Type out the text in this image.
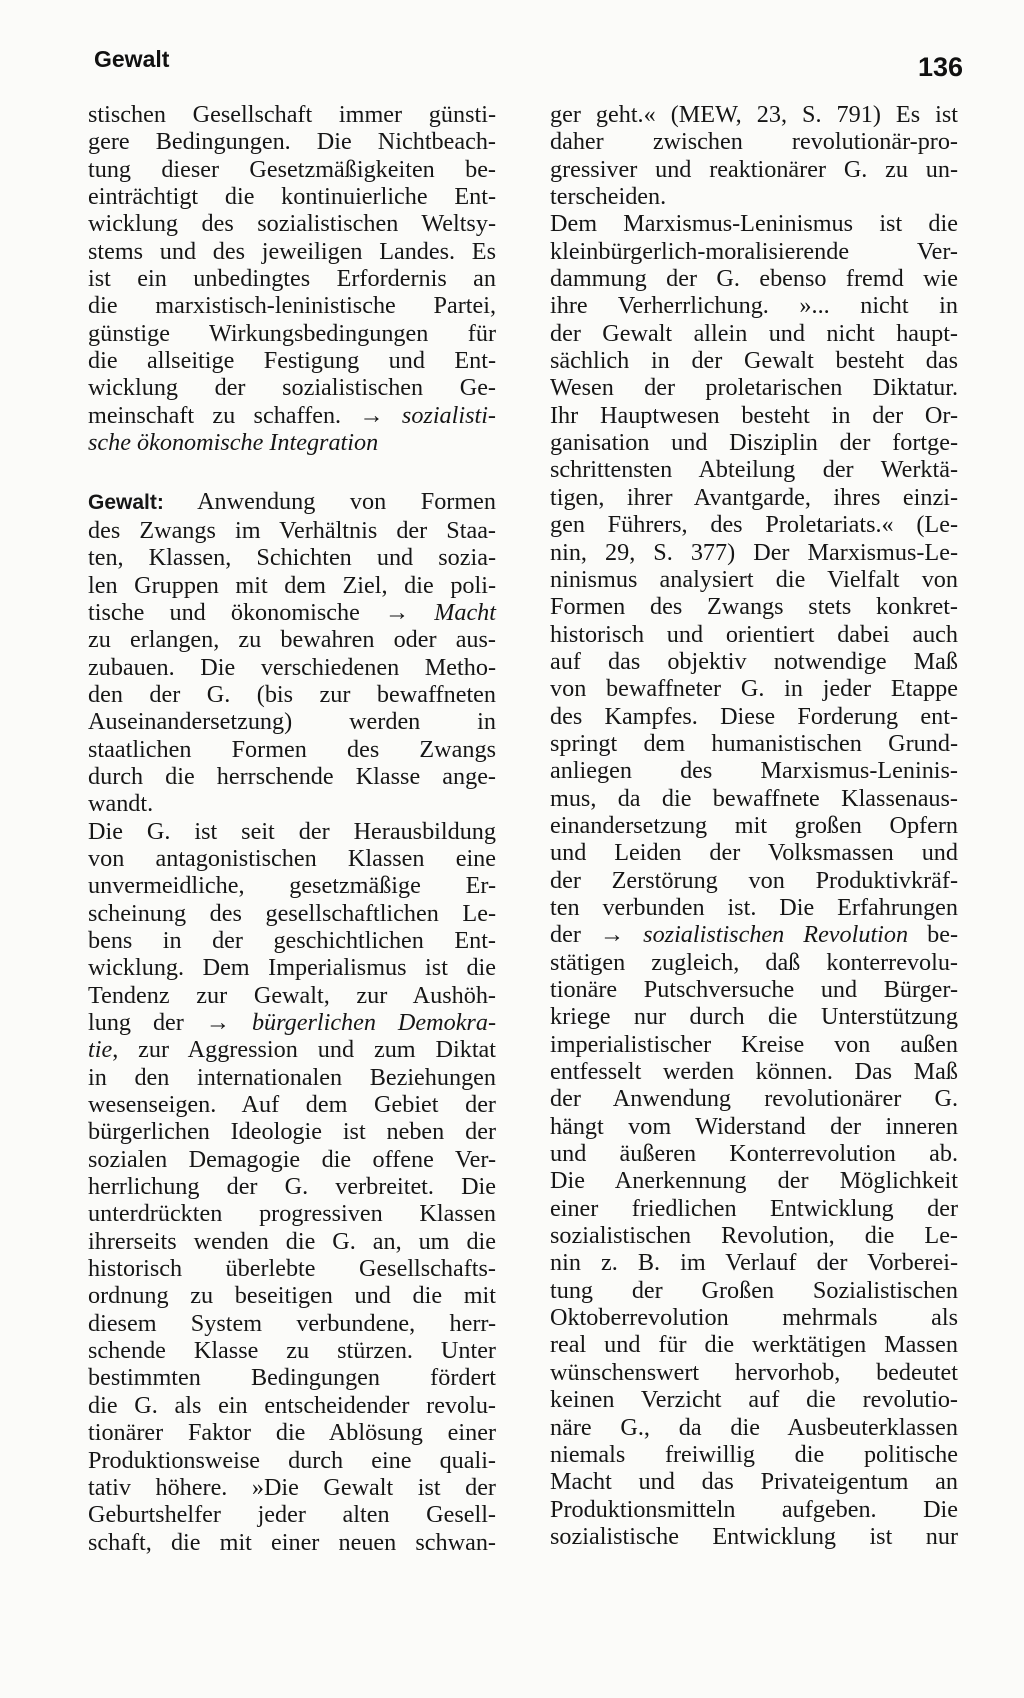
Gewalt	136
stischen Gesellschaft immer günsti-
gere Bedingungen. Die Nichtbeach-
tung dieser Gesetzmäßigkeiten be-
einträchtigt die kontinuierliche Ent-
wicklung des sozialistischen Weltsy-
stems und des jeweiligen Landes. Es
ist ein unbedingtes Erfordernis an
die marxistisch-leninistische Partei,
günstige Wirkungsbedingungen für
die allseitige Festigung und Ent-
wicklung der sozialistischen Ge-
meinschaft zu schaffen. → sozialisti-
sche ökonomische Integration
Gewalt: Anwendung von Formen
des Zwangs im Verhältnis der Staa-
ten, Klassen, Schichten und sozia-
len Gruppen mit dem Ziel, die poli-
tische und ökonomische → Macht
zu erlangen, zu bewahren oder aus-
zubauen. Die verschiedenen Metho-
den der G. (bis zur bewaffneten
Auseinandersetzung) werden in
staatlichen Formen des Zwangs
durch die herrschende Klasse ange-
wandt.
Die G. ist seit der Herausbildung
von antagonistischen Klassen eine
unvermeidliche, gesetzmäßige Er-
scheinung des gesellschaftlichen Le-
bens in der geschichtlichen Ent-
wicklung. Dem Imperialismus ist die
Tendenz zur Gewalt, zur Aushöh-
lung der → bürgerlichen Demokra-
tie, zur Aggression und zum Diktat
in den internationalen Beziehungen
wesenseigen. Auf dem Gebiet der
bürgerlichen Ideologie ist neben der
sozialen Demagogie die offene Ver-
herrlichung der G. verbreitet. Die
unterdrückten progressiven Klassen
ihrerseits wenden die G. an, um die
historisch überlebte Gesellschafts-
ordnung zu beseitigen und die mit
diesem System verbundene, herr-
schende Klasse zu stürzen. Unter
bestimmten Bedingungen fördert
die G. als ein entscheidender revolu-
tionärer Faktor die Ablösung einer
Produktionsweise durch eine quali-
tativ höhere. »Die Gewalt ist der
Geburtshelfer jeder alten Gesell-
schaft, die mit einer neuen schwan-
ger geht.« (MEW, 23, S. 791) Es ist
daher zwischen revolutionär-pro-
gressiver und reaktionärer G. zu un-
terscheiden.
Dem Marxismus-Leninismus ist die
kleinbürgerlich-moralisierende Ver-
dammung der G. ebenso fremd wie
ihre Verherrlichung. »... nicht in
der Gewalt allein und nicht haupt-
sächlich in der Gewalt besteht das
Wesen der proletarischen Diktatur.
Ihr Hauptwesen besteht in der Or-
ganisation und Disziplin der fortge-
schrittensten Abteilung der Werktä-
tigen, ihrer Avantgarde, ihres einzi-
gen Führers, des Proletariats.« (Le-
nin, 29, S. 377) Der Marxismus-Le-
ninismus analysiert die Vielfalt von
Formen des Zwangs stets konkret-
historisch und orientiert dabei auch
auf das objektiv notwendige Maß
von bewaffneter G. in jeder Etappe
des Kampfes. Diese Forderung ent-
springt dem humanistischen Grund-
anliegen des Marxismus-Leninis-
mus, da die bewaffnete Klassenaus-
einandersetzung mit großen Opfern
und Leiden der Volksmassen und
der Zerstörung von Produktivkräf-
ten verbunden ist. Die Erfahrungen
der → sozialistischen Revolution be-
stätigen zugleich, daß konterrevolu-
tionäre Putschversuche und Bürger-
kriege nur durch die Unterstützung
imperialistischer Kreise von außen
entfesselt werden können. Das Maß
der Anwendung revolutionärer G.
hängt vom Widerstand der inneren
und äußeren Konterrevolution ab.
Die Anerkennung der Möglichkeit
einer friedlichen Entwicklung der
sozialistischen Revolution, die Le-
nin z. B. im Verlauf der Vorberei-
tung der Großen Sozialistischen
Oktoberrevolution mehrmals als
real und für die werktätigen Massen
wünschenswert hervorhob, bedeutet
keinen Verzicht auf die revolutio-
näre G., da die Ausbeuterklassen
niemals freiwillig die politische
Macht und das Privateigentum an
Produktionsmitteln aufgeben. Die
sozialistische Entwicklung ist nur
